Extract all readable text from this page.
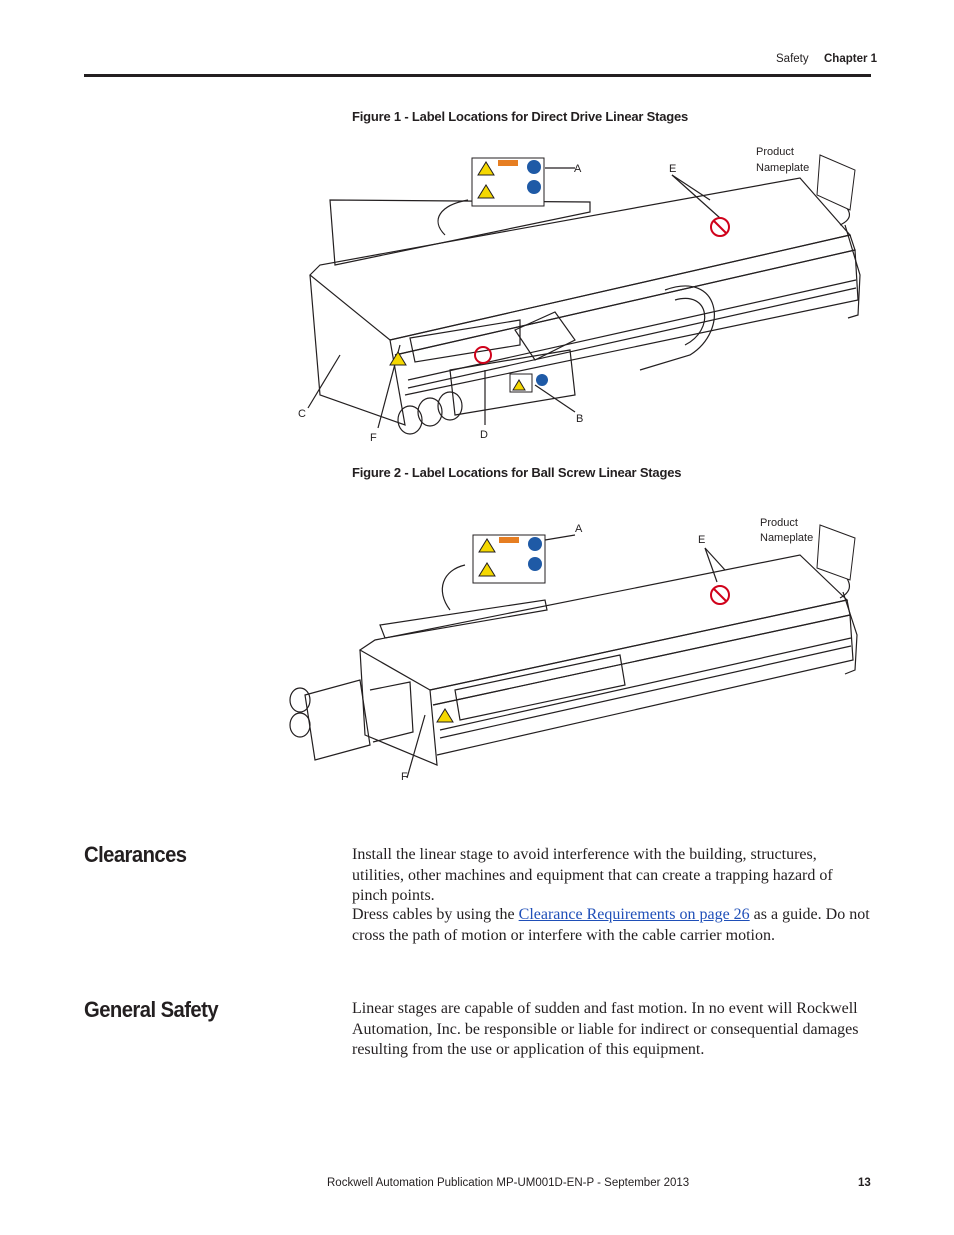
Safety Chapter 1
Figure 1 - Label Locations for Direct Drive Linear Stages
A	E
Product
Nameplate
C
F	D
B
Figure 2 - Label Locations for Ball Screw Linear Stages
A
E
Product
Nameplate
F
Clearances	Install the linear stage to avoid interference with the building, structures, utilities, other machines and equipment that can create a trapping hazard of pinch points.

Dress cables by using the Clearance Requirements on page 26 as a guide. Do not cross the path of motion or interfere with the cable carrier motion.

General Safety	Linear stages are capable of sudden and fast motion. In no event will Rockwell Automation, Inc. be responsible or liable for indirect or consequential damages resulting from the use or application of this equipment.

Rockwell Automation Publication MP-UM001D-EN-P - September 2013	13
